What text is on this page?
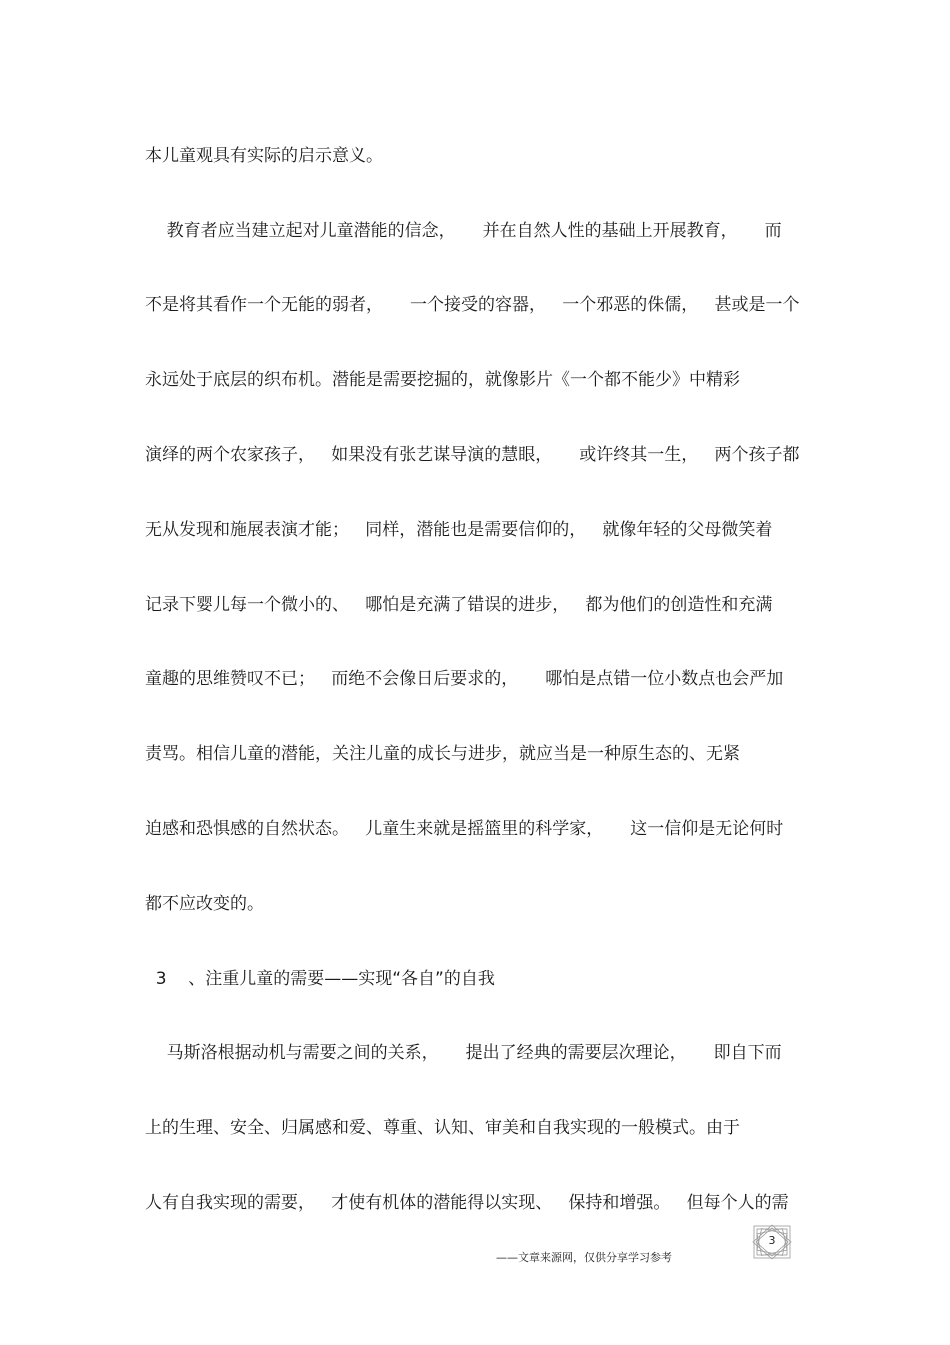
本儿童观具有实际的启示意义。
教育者应当建立起对儿童潜能的信念，     并在自然人性的基础上开展教育，     而
不是将其看作一个无能的弱者，     一个接受的容器，   一个邪恶的侏儒，   甚或是一个
永远处于底层的织布机。潜能是需要挖掘的，就像影片《一个都不能少》中精彩
演绎的两个农家孩子，   如果没有张艺谋导演的慧眼，     或许终其一生，   两个孩子都
无从发现和施展表演才能；   同样，潜能也是需要信仰的，   就像年轻的父母微笑着
记录下婴儿每一个微小的、   哪怕是充满了错误的进步，   都为他们的创造性和充满
童趣的思维赞叹不已；   而绝不会像日后要求的，     哪怕是点错一位小数点也会严加
责骂。相信儿童的潜能，关注儿童的成长与进步，就应当是一种原生态的、无紧
迫感和恐惧感的自然状态。   儿童生来就是摇篮里的科学家，     这一信仰是无论何时
都不应改变的。
3    、注重儿童的需要——实现“各自”的自我
马斯洛根据动机与需要之间的关系，     提出了经典的需要层次理论，     即自下而
上的生理、安全、归属感和爱、尊重、认知、审美和自我实现的一般模式。由于
人有自我实现的需要，   才使有机体的潜能得以实现、   保持和增强。   但每个人的需
——文章来源网，仅供分享学习参考
3
